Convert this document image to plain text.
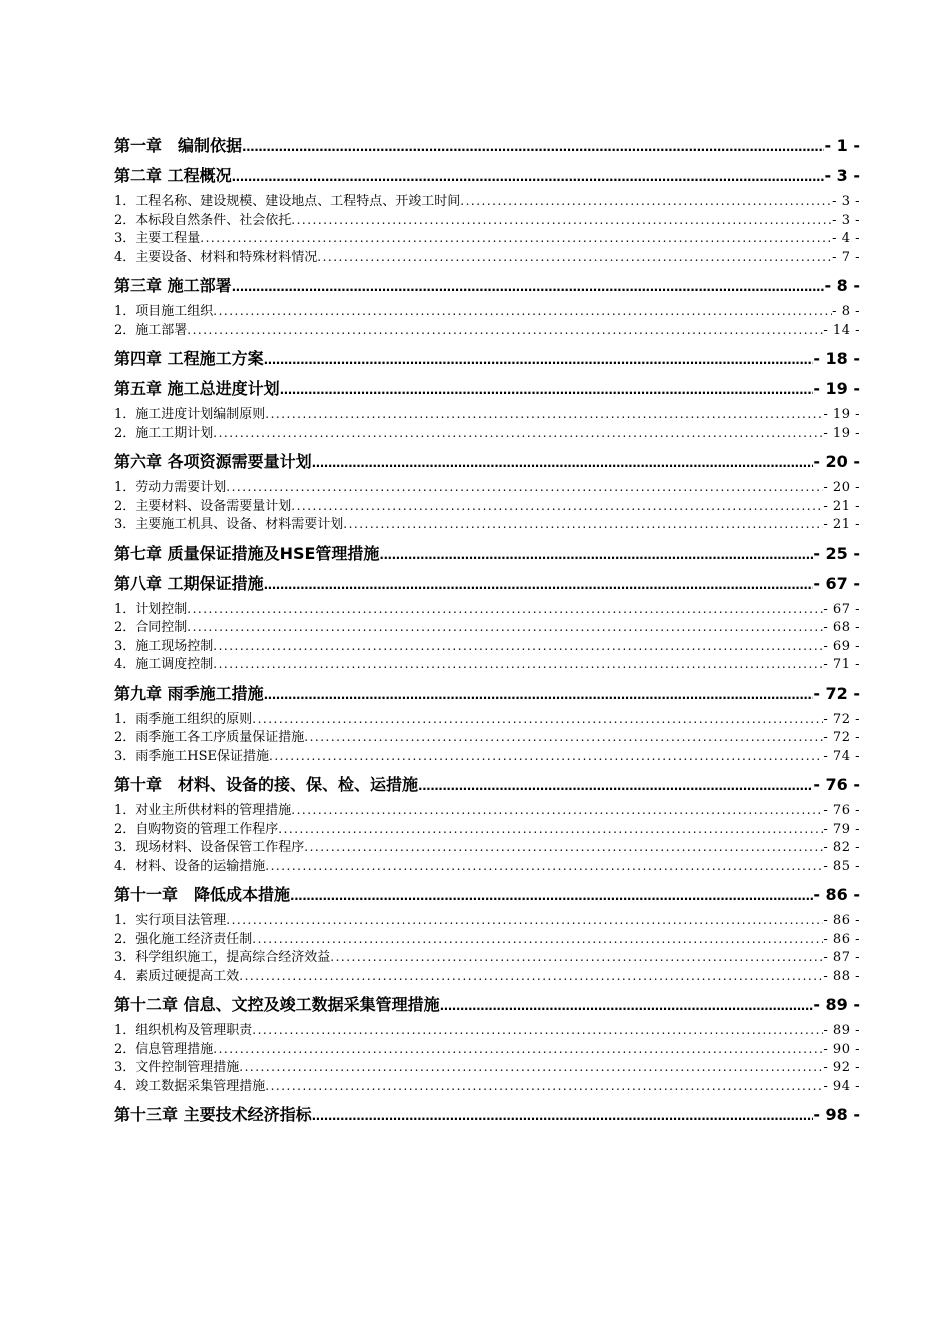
第一章　编制依据 .....	- 1 -
第二章 工程概况 .....	- 3 -
1．工程名称、建设规模、建设地点、工程特点、开竣工时间 .....	- 3 -
2．本标段自然条件、社会依托 .....	- 3 -
3．主要工程量 .....	- 4 -
4．主要设备、材料和特殊材料情况 .....	- 7 -
第三章 施工部署 .....	- 8 -
1．项目施工组织 .....	- 8 -
2．施工部署 .....	- 14 -
第四章 工程施工方案 .....	- 18 -
第五章 施工总进度计划 .....	- 19 -
1．施工进度计划编制原则 .....	- 19 -
2．施工工期计划 .....	- 19 -
第六章 各项资源需要量计划 .....	- 20 -
1．劳动力需要计划 .....	- 20 -
2．主要材料、设备需要量计划 .....	- 21 -
3．主要施工机具、设备、材料需要计划 .....	- 21 -
第七章 质量保证措施及HSE管理措施 .....	- 25 -
第八章 工期保证措施 .....	- 67 -
1．计划控制 .....	- 67 -
2．合同控制 .....	- 68 -
3．施工现场控制 .....	- 69 -
4．施工调度控制 .....	- 71 -
第九章 雨季施工措施 .....	- 72 -
1．雨季施工组织的原则 .....	- 72 -
2．雨季施工各工序质量保证措施 .....	- 72 -
3．雨季施工HSE保证措施 .....	- 74 -
第十章　材料、设备的接、保、检、运措施 .....	- 76 -
1．对业主所供材料的管理措施 .....	- 76 -
2．自购物资的管理工作程序 .....	- 79 -
3．现场材料、设备保管工作程序 .....	- 82 -
4．材料、设备的运输措施 .....	- 85 -
第十一章　降低成本措施 .....	- 86 -
1．实行项目法管理 .....	- 86 -
2．强化施工经济责任制 .....	- 86 -
3．科学组织施工，提高综合经济效益 .....	- 87 -
4．素质过硬提高工效 .....	- 88 -
第十二章 信息、文控及竣工数据采集管理措施 .....	- 89 -
1．组织机构及管理职责 .....	- 89 -
2．信息管理措施 .....	- 90 -
3．文件控制管理措施 .....	- 92 -
4．竣工数据采集管理措施 .....	- 94 -
第十三章 主要技术经济指标 .....	- 98 -
